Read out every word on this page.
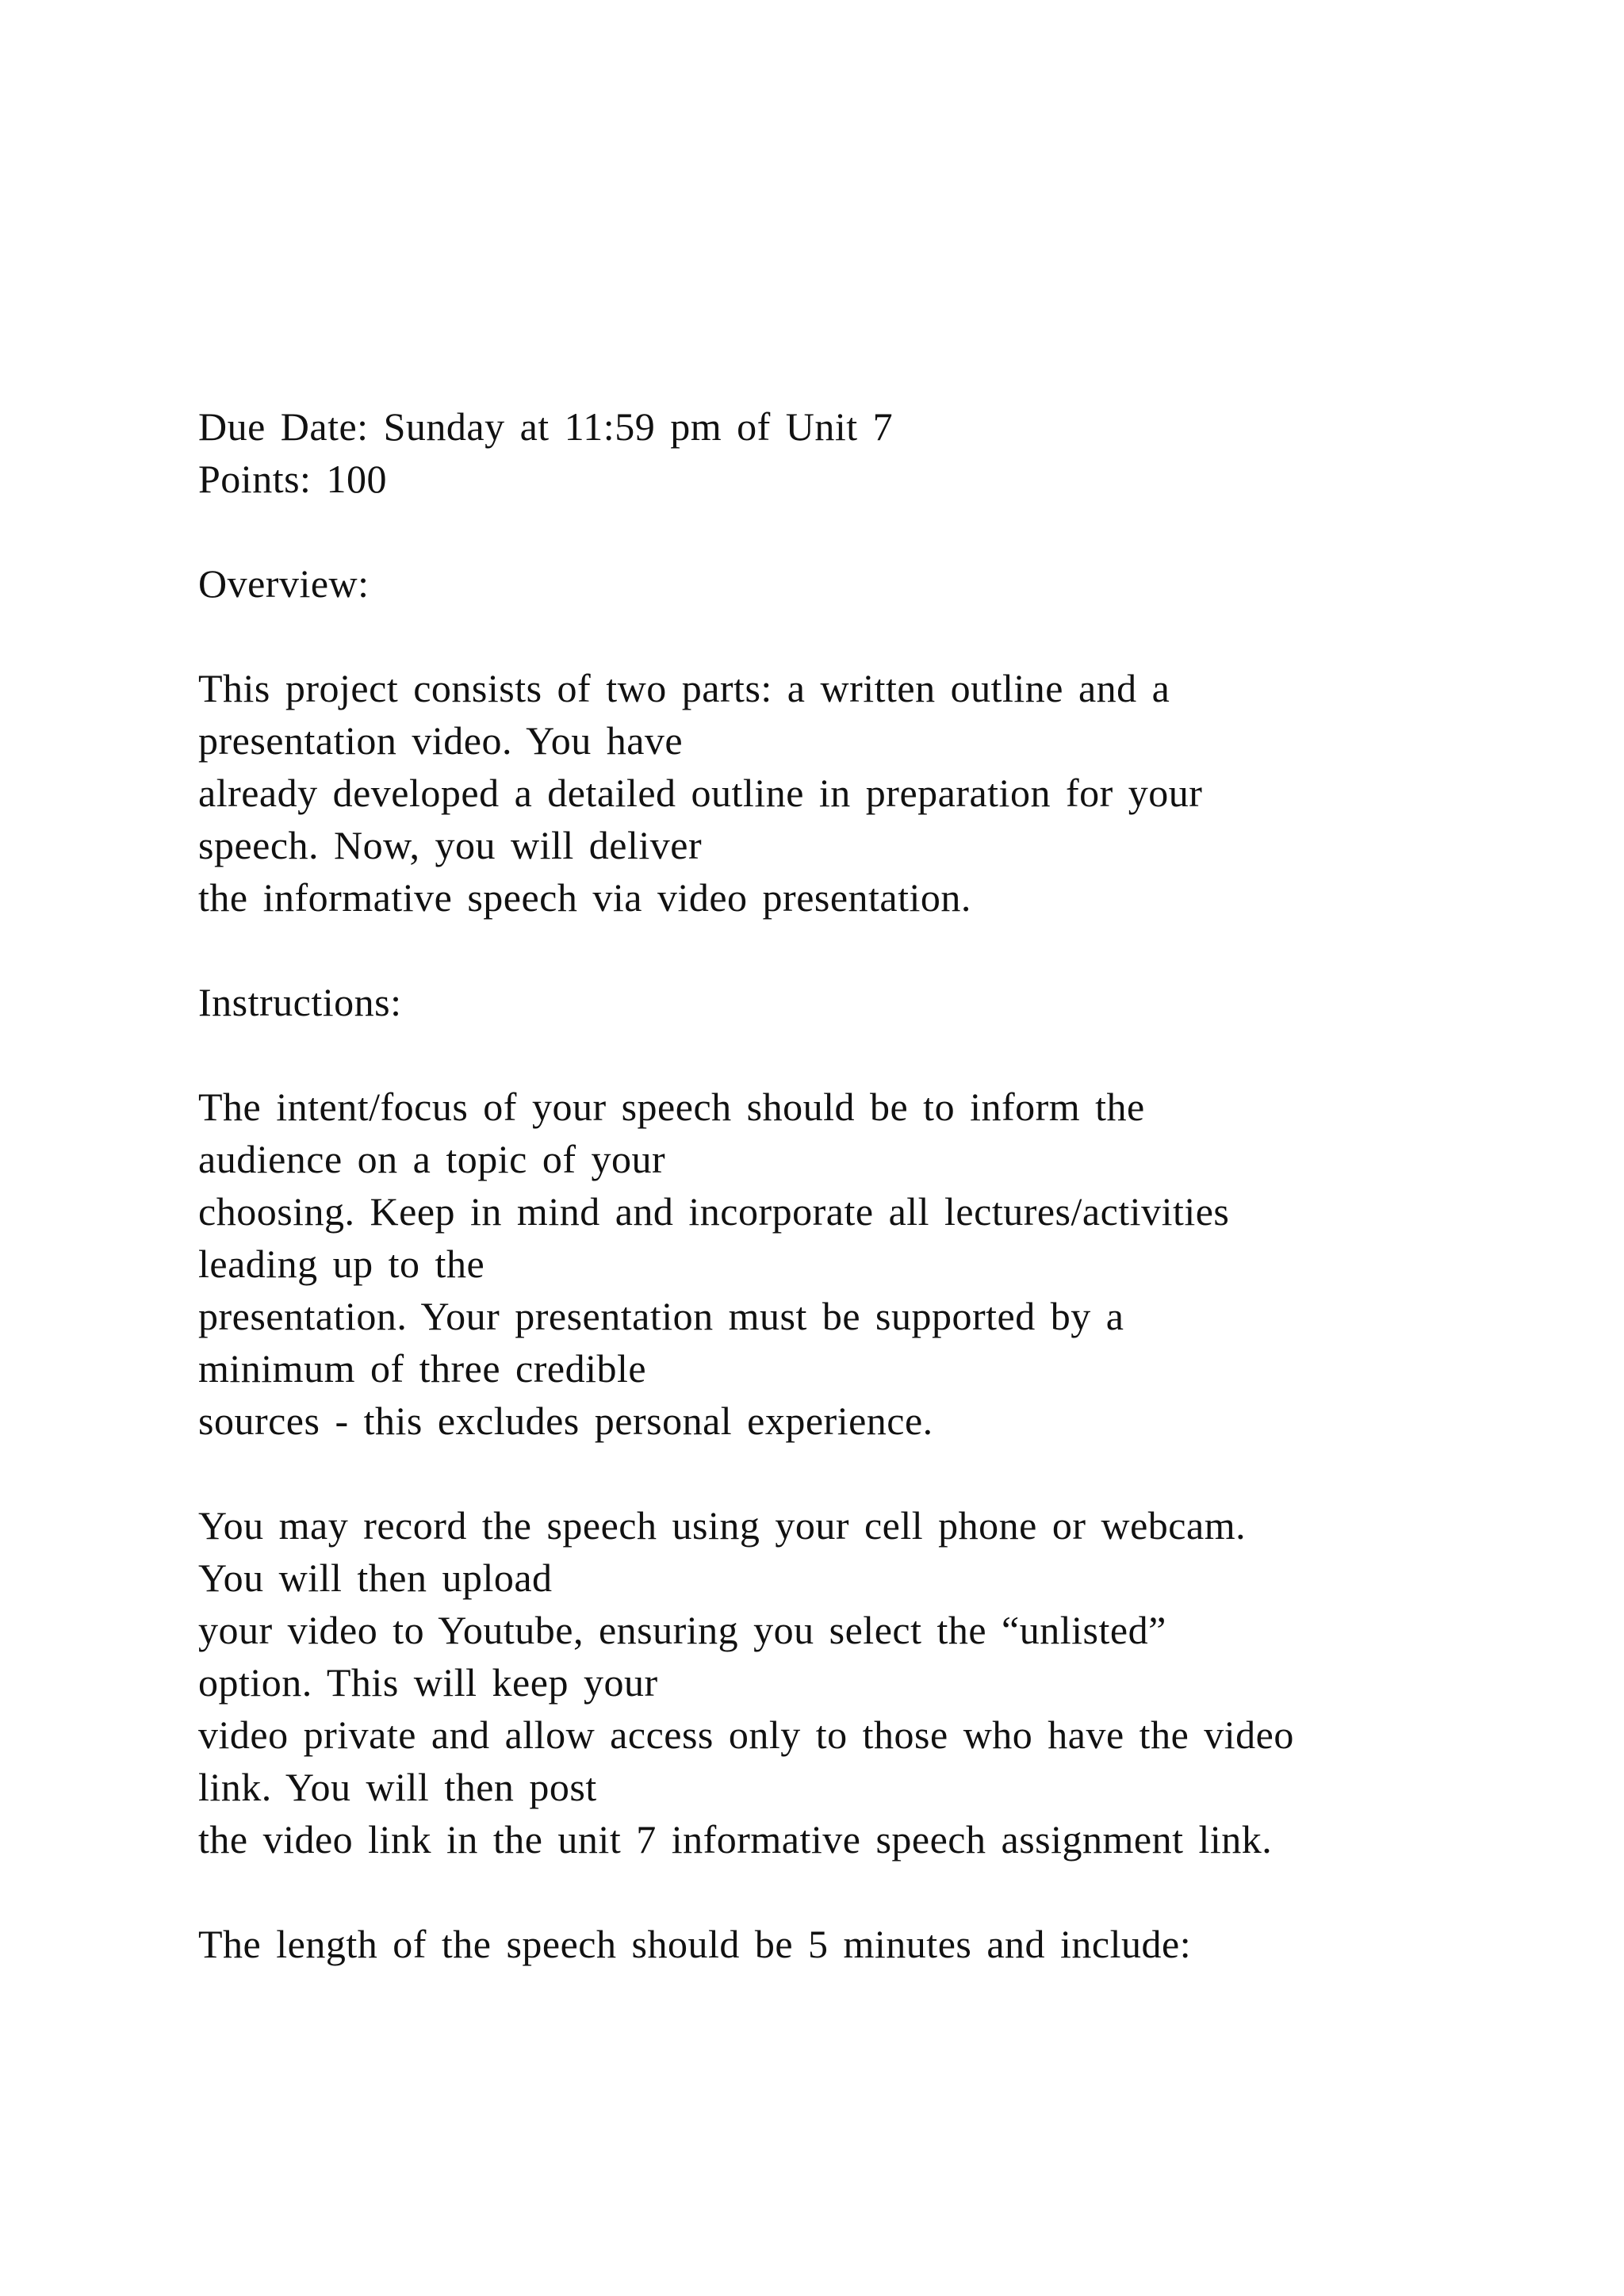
Due Date: Sunday at 11:59 pm of Unit 7
Points: 100
Overview:
This project consists of two parts: a written outline and a
presentation video. You have
already developed a detailed outline in preparation for your
speech. Now, you will deliver
the informative speech via video presentation.
Instructions:
The intent/focus of your speech should be to inform the
audience on a topic of your
choosing. Keep in mind and incorporate all lectures/activities
leading up to the
presentation. Your presentation must be supported by a
minimum of three credible
sources - this excludes personal experience.
You may record the speech using your cell phone or webcam.
You will then upload
your video to Youtube, ensuring you select the “unlisted”
option. This will keep your
video private and allow access only to those who have the video
link. You will then post
the video link in the unit 7 informative speech assignment link.
The length of the speech should be 5 minutes and include:
